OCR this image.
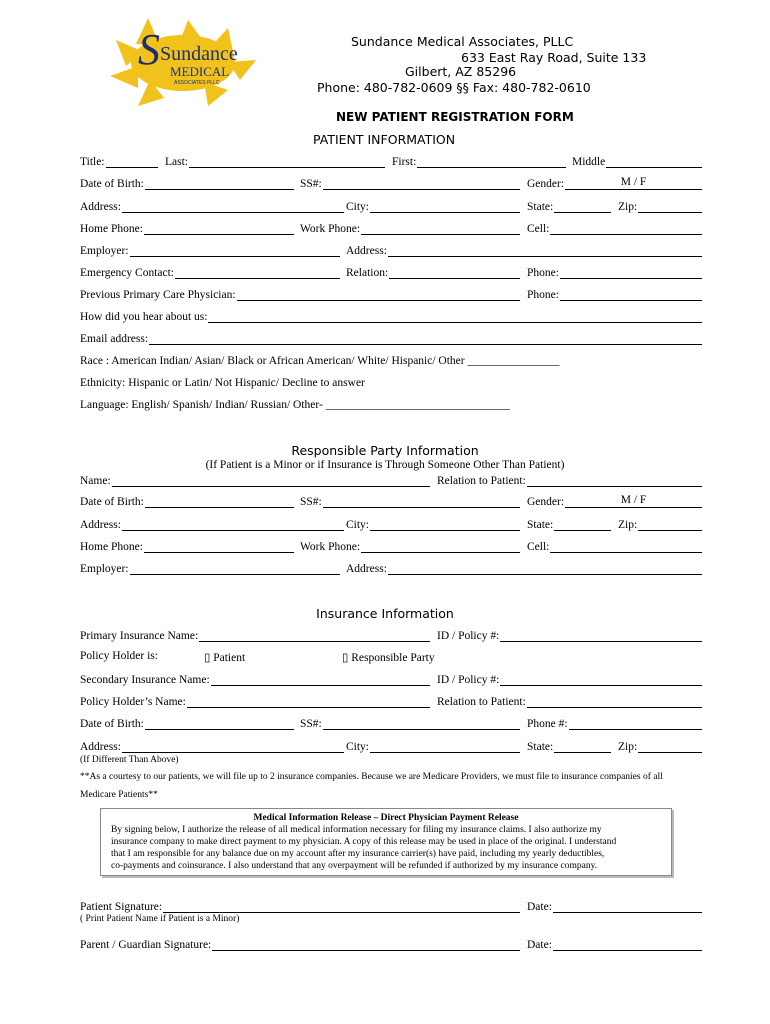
S Sundance
MEDICAL
ASSOCIATES PLLC
Sundance Medical Associates, PLLC
633 East Ray Road, Suite 133
Gilbert, AZ 85296
Phone: 480-782-0609 §§ Fax: 480-782-0610
NEW PATIENT REGISTRATION FORM
PATIENT INFORMATION
Title:	Last:	First:	Middle
Date of Birth:	SS#:	Gender:	M / F
Address:	City:	State:	Zip:
Home Phone:	Work Phone:	Cell:
Employer:	Address:
Emergency Contact:	Relation:	Phone:
Previous Primary Care Physician:	Phone:
How did you hear about us:
Email address:
Race : American Indian/ Asian/ Black or African American/ White/ Hispanic/ Other ________________
Ethnicity: Hispanic or Latin/ Not Hispanic/ Decline to answer
Language: English/ Spanish/ Indian/ Russian/ Other- ________________________________
Responsible Party Information
(If Patient is a Minor or if Insurance is Through Someone Other Than Patient)
Name:	Relation to Patient:
Date of Birth:	SS#:	Gender:	M / F
Address:	City:	State:	Zip:
Home Phone:	Work Phone:	Cell:
Employer:	Address:
Insurance Information
Primary Insurance Name:	ID / Policy #:
Policy Holder is:	▯ Patient	▯ Responsible Party
Secondary Insurance Name:	ID / Policy #:
Policy Holder’s Name:	Relation to Patient:
Date of Birth:	SS#:	Phone #:
Address:	City:	State:	Zip:
(If Different Than Above)
**As a courtesy to our patients, we will file up to 2 insurance companies. Because we are Medicare Providers, we must file to insurance companies of all
Medicare Patients**
Medical Information Release – Direct Physician Payment Release
By signing below, I authorize the release of all medical information necessary for filing my insurance claims. I also authorize my
insurance company to make direct payment to my physician. A copy of this release may be used in place of the original. I understand
that I am responsible for any balance due on my account after my insurance carrier(s) have paid, including my yearly deductibles,
co-payments and coinsurance. I also understand that any overpayment will be refunded if authorized by my insurance company.
Patient Signature:	Date:
( Print Patient Name if Patient is a Minor)
Parent / Guardian Signature:	Date:
